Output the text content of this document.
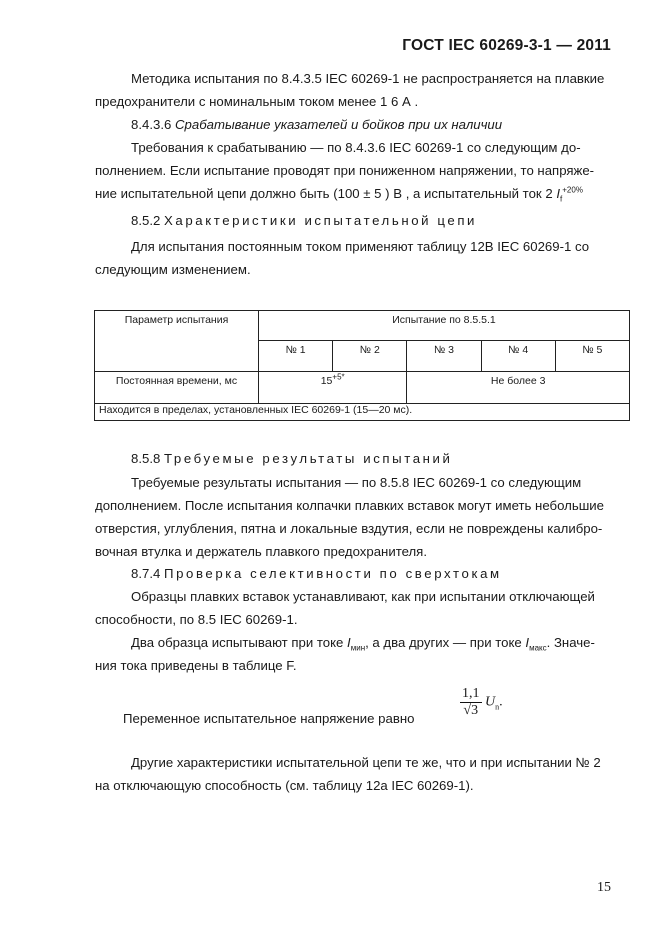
ГОСТ IEC 60269-3-1 — 2011

Методика испытания по 8.4.3.5 IEC 60269-1 не распространяется на плавкие

предохранители с номинальным током менее 1 6 А .

8.4.3.6 Срабатывание указателей и бойков при их наличии

Требования к срабатыванию — по 8.4.3.6 IEC 60269-1 со следующим до-

полнением. Если испытание проводят при пониженном напряжении, то напряже-

ние испытательной цепи должно быть (100 ± 5 ) В , а испытательный ток 2 $I_f^{+20\%}$

8.5.2 Характеристики испытательной цепи

Для испытания постоянным током применяют таблицу 12В IEC 60269-1 со

следующим изменением.

Параметр испытания	Испытание по 8.5.5.1				
	№ 1	№ 2	№ 3	№ 4	№ 5
Постоянная времени, мс	$15^{+5*}$		Не более 3		
Находится в пределах, установленных IEC 60269-1 (15—20 мс).					

8.5.8 Требуемые результаты испытаний

Требуемые результаты испытания — по 8.5.8 IEC 60269-1 со следующим

дополнением. После испытания колпачки плавких вставок могут иметь небольшие

отверстия, углубления, пятна и локальные вздутия, если не повреждены калибро-

вочная втулка и держатель плавкого предохранителя.

8.7.4 Проверка селективности по сверхтокам

Образцы плавких вставок устанавливают, как при испытании отключающей

способности, по 8.5 IEC 60269-1.

Два образца испытывают при токе $I_{мин}$, а два других — при токе $I_{макс}$. Значе-

ния тока приведены в таблице F.

$\frac{1,1}{√3} U_n$.

Переменное испытательное напряжение равно

Другие характеристики испытательной цепи те же, что и при испытании № 2

на отключающую способность (см. таблицу 12а IEC 60269-1).

15
